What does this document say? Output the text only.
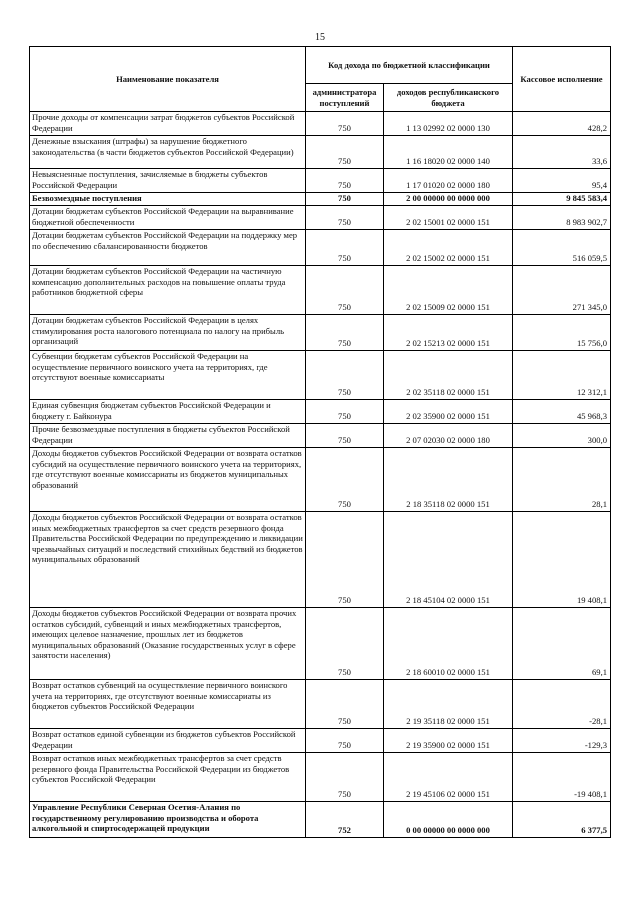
15
Наименование показателя	Код дохода по бюджетной классификации		Кассовое исполнение
	администратора поступлений	доходов республиканского бюджета	
Прочие доходы от компенсации затрат бюджетов субъектов Российской Федерации	750	1 13 02992 02 0000 130	428,2
Денежные взыскания (штрафы) за нарушение бюджетного законодательства (в части бюджетов субъектов Российской Федерации)	750	1 16 18020 02 0000 140	33,6
Невыясненные поступления, зачисляемые в бюджеты субъектов Российской Федерации	750	1 17 01020 02 0000 180	95,4
Безвозмездные поступления	750	2 00 00000 00 0000 000	9 845 583,4
Дотации бюджетам субъектов Российской Федерации на выравнивание бюджетной обеспеченности	750	2 02 15001 02 0000 151	8 983 902,7
Дотации бюджетам субъектов Российской Федерации на поддержку мер по обеспечению сбалансированности бюджетов	750	2 02 15002 02 0000 151	516 059,5
Дотации бюджетам субъектов Российской Федерации на частичную компенсацию дополнительных расходов на повышение оплаты труда работников бюджетной сферы	750	2 02 15009 02 0000 151	271 345,0
Дотации бюджетам субъектов Российской Федерации в целях стимулирования роста налогового потенциала по налогу на прибыль организаций	750	2 02 15213 02 0000 151	15 756,0
Субвенции бюджетам субъектов Российской Федерации на осуществление первичного воинского учета на территориях, где отсутствуют военные комиссариаты	750	2 02 35118 02 0000 151	12 312,1
Единая субвенция бюджетам субъектов Российской Федерации и бюджету г. Байконура	750	2 02 35900 02 0000 151	45 968,3
Прочие безвозмездные поступления в бюджеты субъектов Российской Федерации	750	2 07 02030 02 0000 180	300,0
Доходы бюджетов субъектов Российской Федерации от возврата остатков субсидий на осуществление первичного воинского учета на территориях, где отсутствуют военные комиссариаты из бюджетов муниципальных образований	750	2 18 35118 02 0000 151	28,1
Доходы бюджетов субъектов Российской Федерации от возврата остатков иных межбюджетных трансфертов за счет средств резервного фонда Правительства Российской Федерации по предупреждению и ликвидации чрезвычайных ситуаций и последствий стихийных бедствий из бюджетов муниципальных образований	750	2 18 45104 02 0000 151	19 408,1
Доходы бюджетов субъектов Российской Федерации от возврата прочих остатков субсидий, субвенций и иных межбюджетных трансфертов, имеющих целевое назначение, прошлых лет из бюджетов муниципальных образований (Оказание государственных услуг в сфере занятости населения)	750	2 18 60010 02 0000 151	69,1
Возврат остатков субвенций на осуществление первичного воинского учета на территориях, где отсутствуют военные комиссариаты из бюджетов субъектов Российской Федерации	750	2 19 35118 02 0000 151	-28,1
Возврат остатков единой субвенции из бюджетов субъектов Российской Федерации	750	2 19 35900 02 0000 151	-129,3
Возврат остатков иных межбюджетных трансфертов за счет средств резервного фонда Правительства Российской Федерации из бюджетов субъектов Российской Федерации	750	2 19 45106 02 0000 151	-19 408,1
Управление Республики Северная Осетия-Алания по государственному регулированию производства и оборота алкогольной и спиртосодержащей продукции	752	0 00 00000 00 0000 000	6 377,5
